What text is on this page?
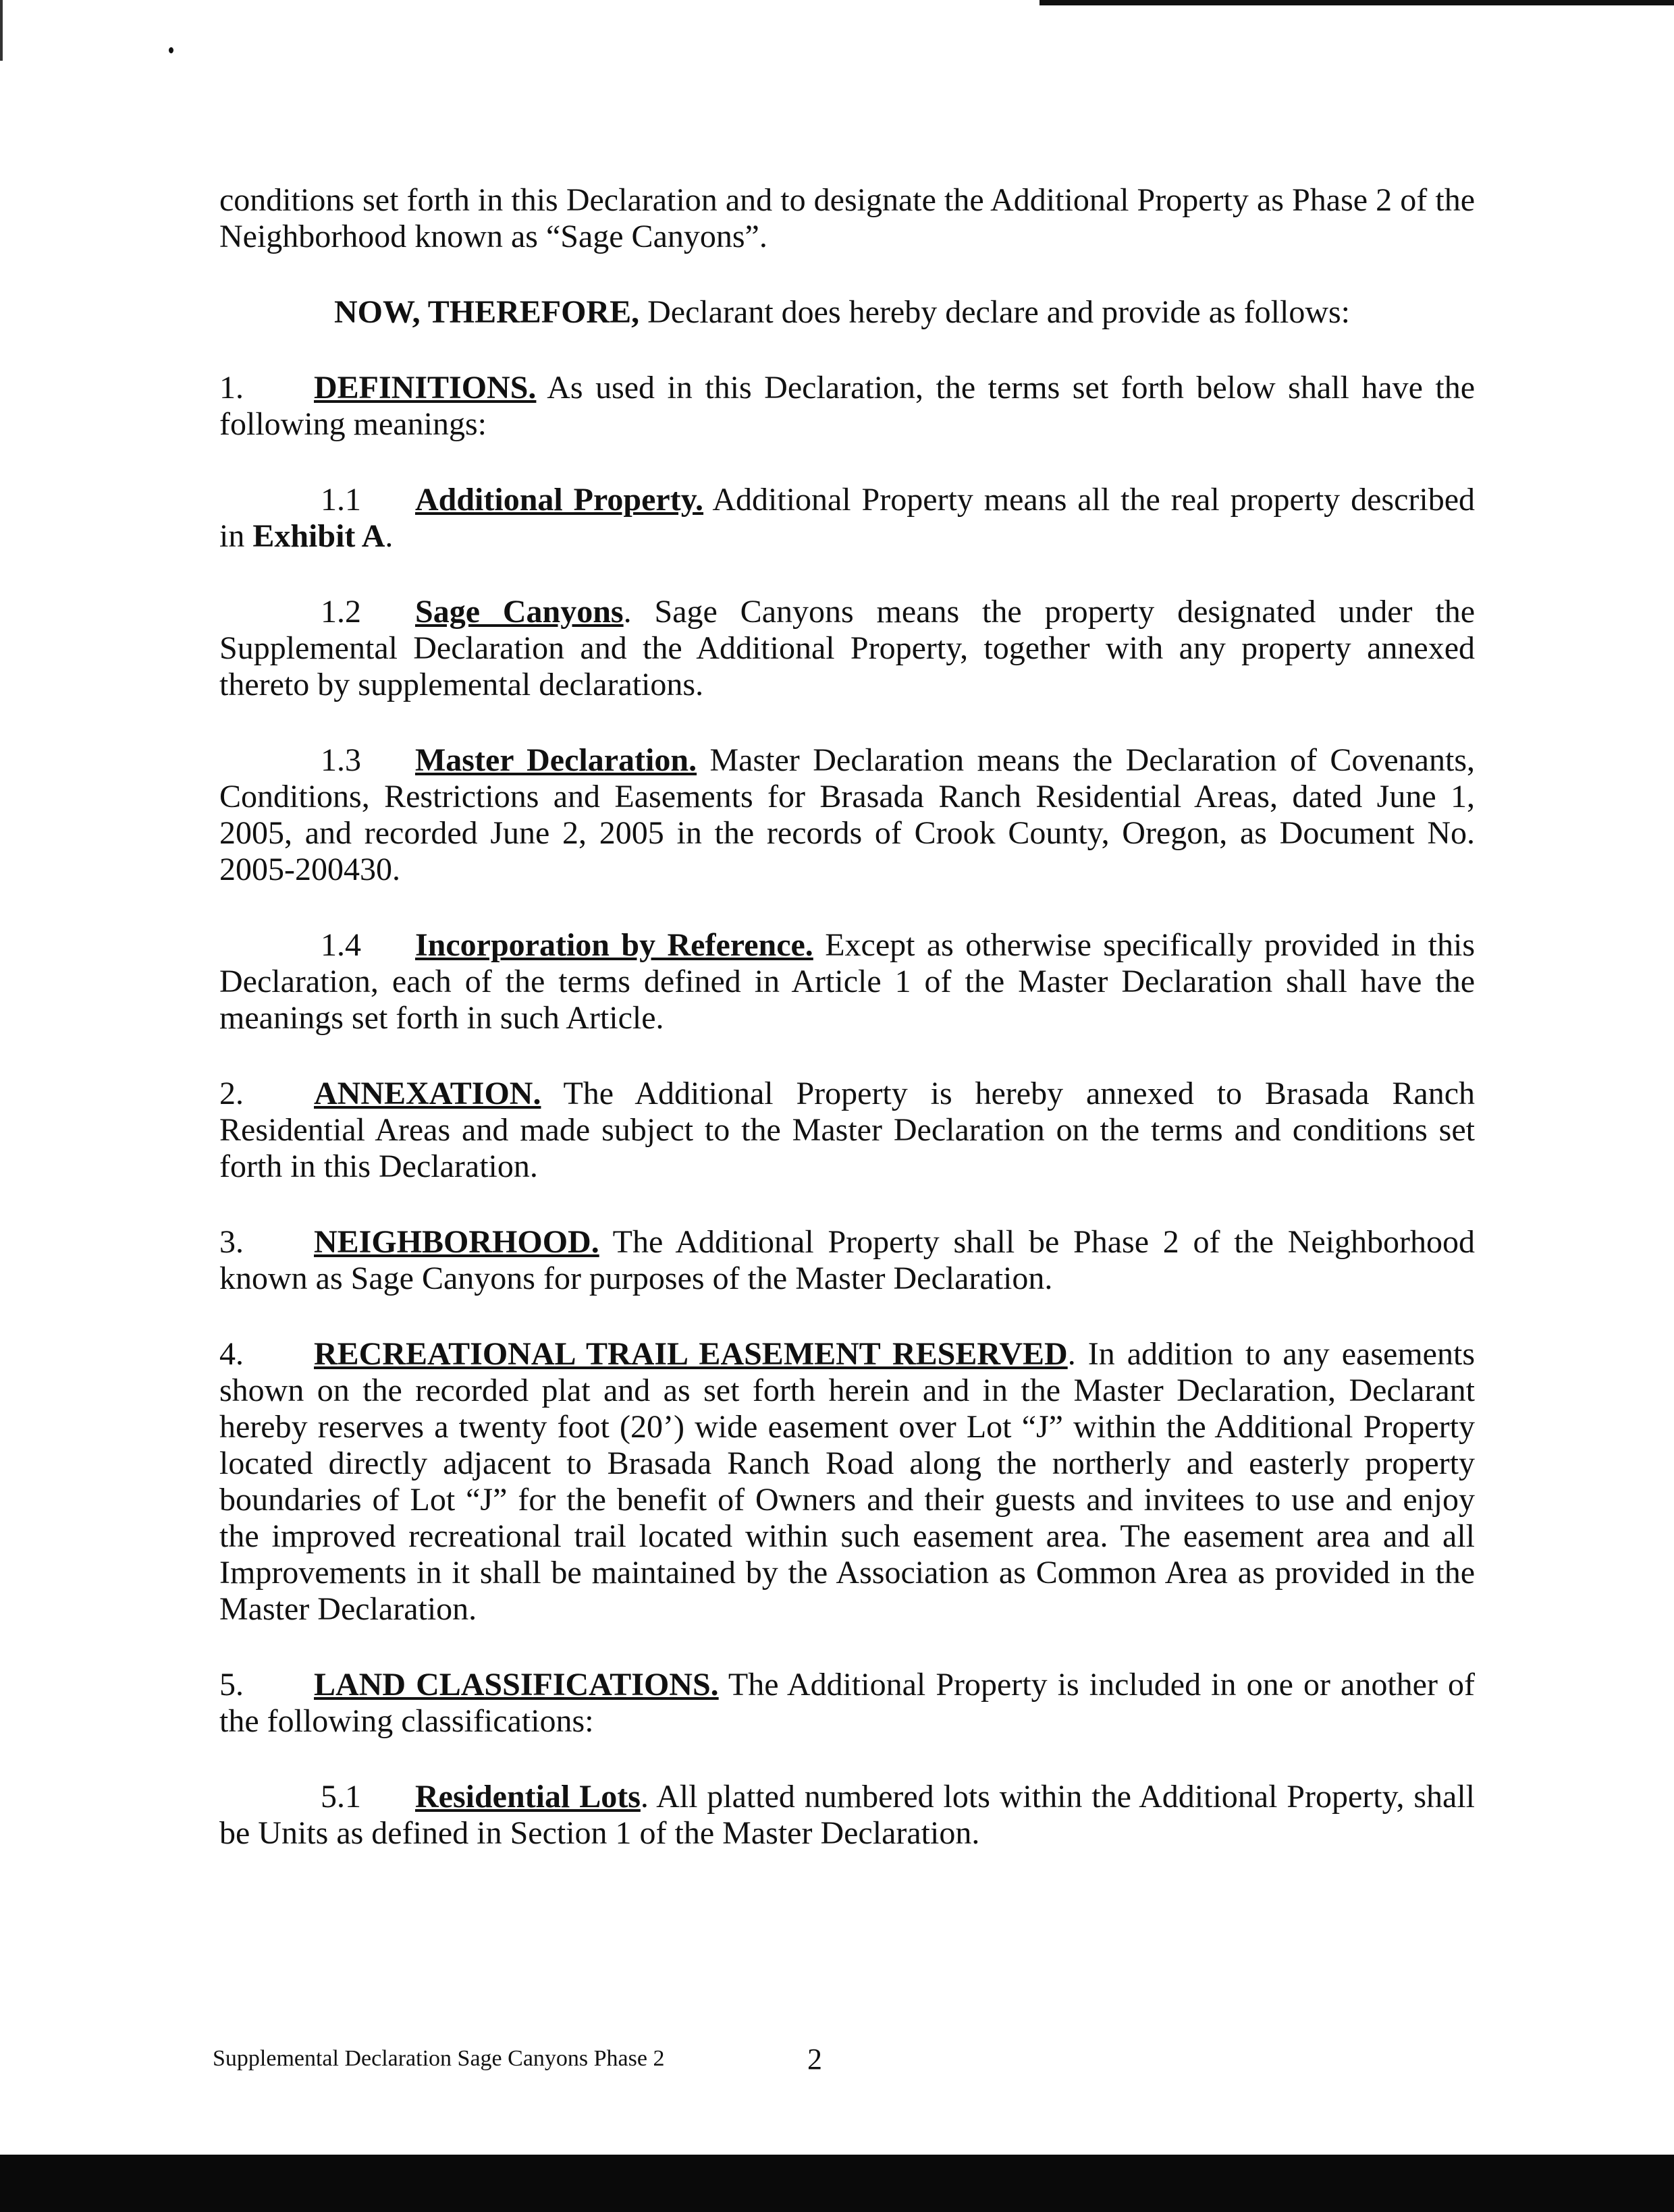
conditions set forth in this Declaration and to designate the Additional Property as Phase 2 of the Neighborhood known as “Sage Canyons”.

NOW, THEREFORE, Declarant does hereby declare and provide as follows:

1. DEFINITIONS. As used in this Declaration, the terms set forth below shall have the following meanings:

1.1 Additional Property. Additional Property means all the real property described in Exhibit A.

1.2 Sage Canyons. Sage Canyons means the property designated under the Supplemental Declaration and the Additional Property, together with any property annexed thereto by supplemental declarations.

1.3 Master Declaration. Master Declaration means the Declaration of Covenants, Conditions, Restrictions and Easements for Brasada Ranch Residential Areas, dated June 1, 2005, and recorded June 2, 2005 in the records of Crook County, Oregon, as Document No. 2005-200430.

1.4 Incorporation by Reference. Except as otherwise specifically provided in this Declaration, each of the terms defined in Article 1 of the Master Declaration shall have the meanings set forth in such Article.

2. ANNEXATION. The Additional Property is hereby annexed to Brasada Ranch Residential Areas and made subject to the Master Declaration on the terms and conditions set forth in this Declaration.

3. NEIGHBORHOOD. The Additional Property shall be Phase 2 of the Neighborhood known as Sage Canyons for purposes of the Master Declaration.

4. RECREATIONAL TRAIL EASEMENT RESERVED. In addition to any easements shown on the recorded plat and as set forth herein and in the Master Declaration, Declarant hereby reserves a twenty foot (20’) wide easement over Lot “J” within the Additional Property located directly adjacent to Brasada Ranch Road along the northerly and easterly property boundaries of Lot “J” for the benefit of Owners and their guests and invitees to use and enjoy the improved recreational trail located within such easement area. The easement area and all Improvements in it shall be maintained by the Association as Common Area as provided in the Master Declaration.

5. LAND CLASSIFICATIONS. The Additional Property is included in one or another of the following classifications:

5.1 Residential Lots. All platted numbered lots within the Additional Property, shall be Units as defined in Section 1 of the Master Declaration.

Supplemental Declaration Sage Canyons Phase 2	2
